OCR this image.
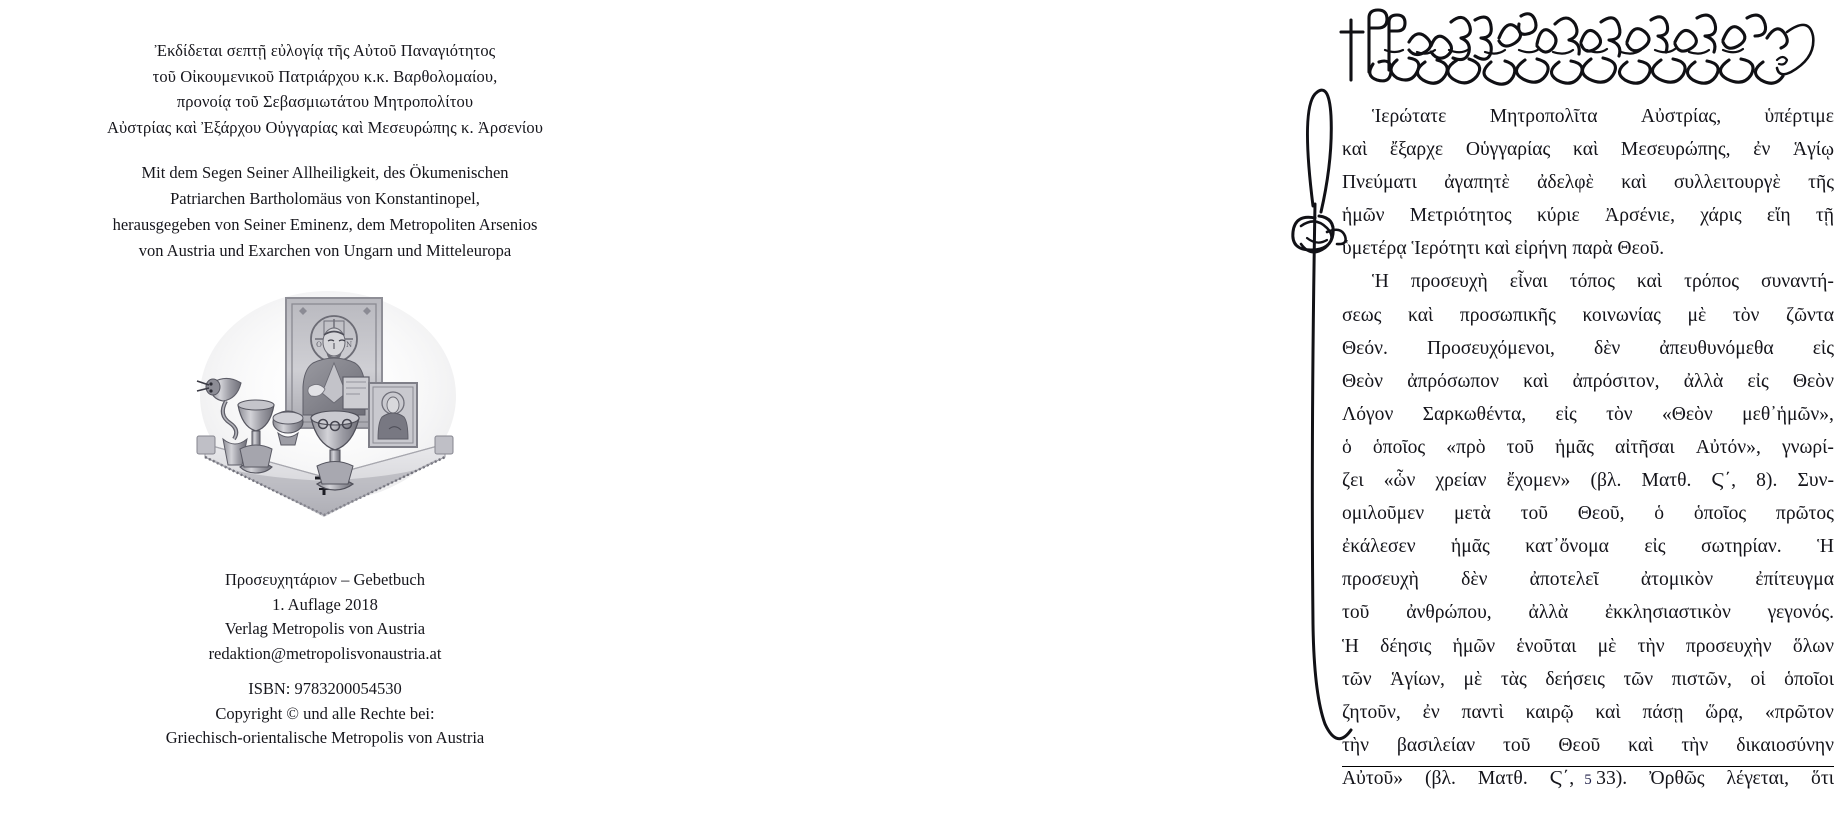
Ἐκδίδεται σεπτῇ εὐλογίᾳ τῆς Αὐτοῦ Παναγιότητος
τοῦ Οἰκουμενικοῦ Πατριάρχου κ.κ. Βαρθολομαίου,
προνοίᾳ τοῦ Σεβασμιωτάτου Μητροπολίτου
Αὐστρίας καὶ Ἐξάρχου Οὑγγαρίας καὶ Μεσευρώπης κ. Ἀρσενίου
Mit dem Segen Seiner Allheiligkeit, des Ökumenischen
Patriarchen Bartholomäus von Konstantinopel,
herausgegeben von Seiner Eminenz, dem Metropoliten Arsenios
von Austria und Exarchen von Ungarn und Mitteleuropa
Ο	Ν
Προσευχητάριον – Gebetbuch
1. Auflage 2018
Verlag Metropolis von Austria
redaktion@metropolisvonaustria.at
ISBN: 9783200054530
Copyright © und alle Rechte bei:
Griechisch-orientalische Metropolis von Austria

Ἱερώτατε Μητροπολῖτα Αὐστρίας, ὑπέρτιμε
καὶ ἔξαρχε Οὑγγαρίας καὶ Μεσευρώπης, ἐν Ἁγίῳ
Πνεύματι ἀγαπητὲ ἀδελφὲ καὶ συλλειτουργὲ τῆς
ἡμῶν Μετριότητος κύριε Ἀρσένιε, χάρις εἴη τῇ
ὑμετέρᾳ Ἱερότητι καὶ εἰρήνη παρὰ Θεοῦ.

Ἡ προσευχὴ εἶναι τόπος καὶ τρόπος συναντή-
σεως καὶ προσωπικῆς κοινωνίας μὲ τὸν ζῶντα
Θεόν. Προσευχόμενοι, δὲν ἀπευθυνόμεθα εἰς
Θεὸν ἀπρόσωπον καὶ ἀπρόσιτον, ἀλλὰ εἰς Θεὸν
Λόγον Σαρκωθέντα, εἰς τὸν «Θεὸν μεθ᾽ἡμῶν»,
ὁ ὁποῖος «πρὸ τοῦ ἡμᾶς αἰτῆσαι Αὐτόν», γνωρί-
ζει «ὧν χρείαν ἔχομεν» (βλ. Ματθ. Ϛ΄, 8). Συν-
ομιλοῦμεν μετὰ τοῦ Θεοῦ, ὁ ὁποῖος πρῶτος
ἐκάλεσεν ἡμᾶς κατ᾽ὄνομα εἰς σωτηρίαν. Ἡ
προσευχὴ δὲν ἀποτελεῖ ἀτομικὸν ἐπίτευγμα
τοῦ ἀνθρώπου, ἀλλὰ ἐκκλησιαστικὸν γεγονός.
Ἡ δέησις ἡμῶν ἑνοῦται μὲ τὴν προσευχὴν ὅλων
τῶν Ἁγίων, μὲ τὰς δεήσεις τῶν πιστῶν, οἱ ὁποῖοι
ζητοῦν, ἐν παντὶ καιρῷ καὶ πάσῃ ὥρᾳ, «πρῶτον
τὴν βασιλείαν τοῦ Θεοῦ καὶ τὴν δικαιοσύνην
Αὐτοῦ» (βλ. Ματθ. Ϛ΄, 33). Ὀρθῶς λέγεται, ὅτι

5
